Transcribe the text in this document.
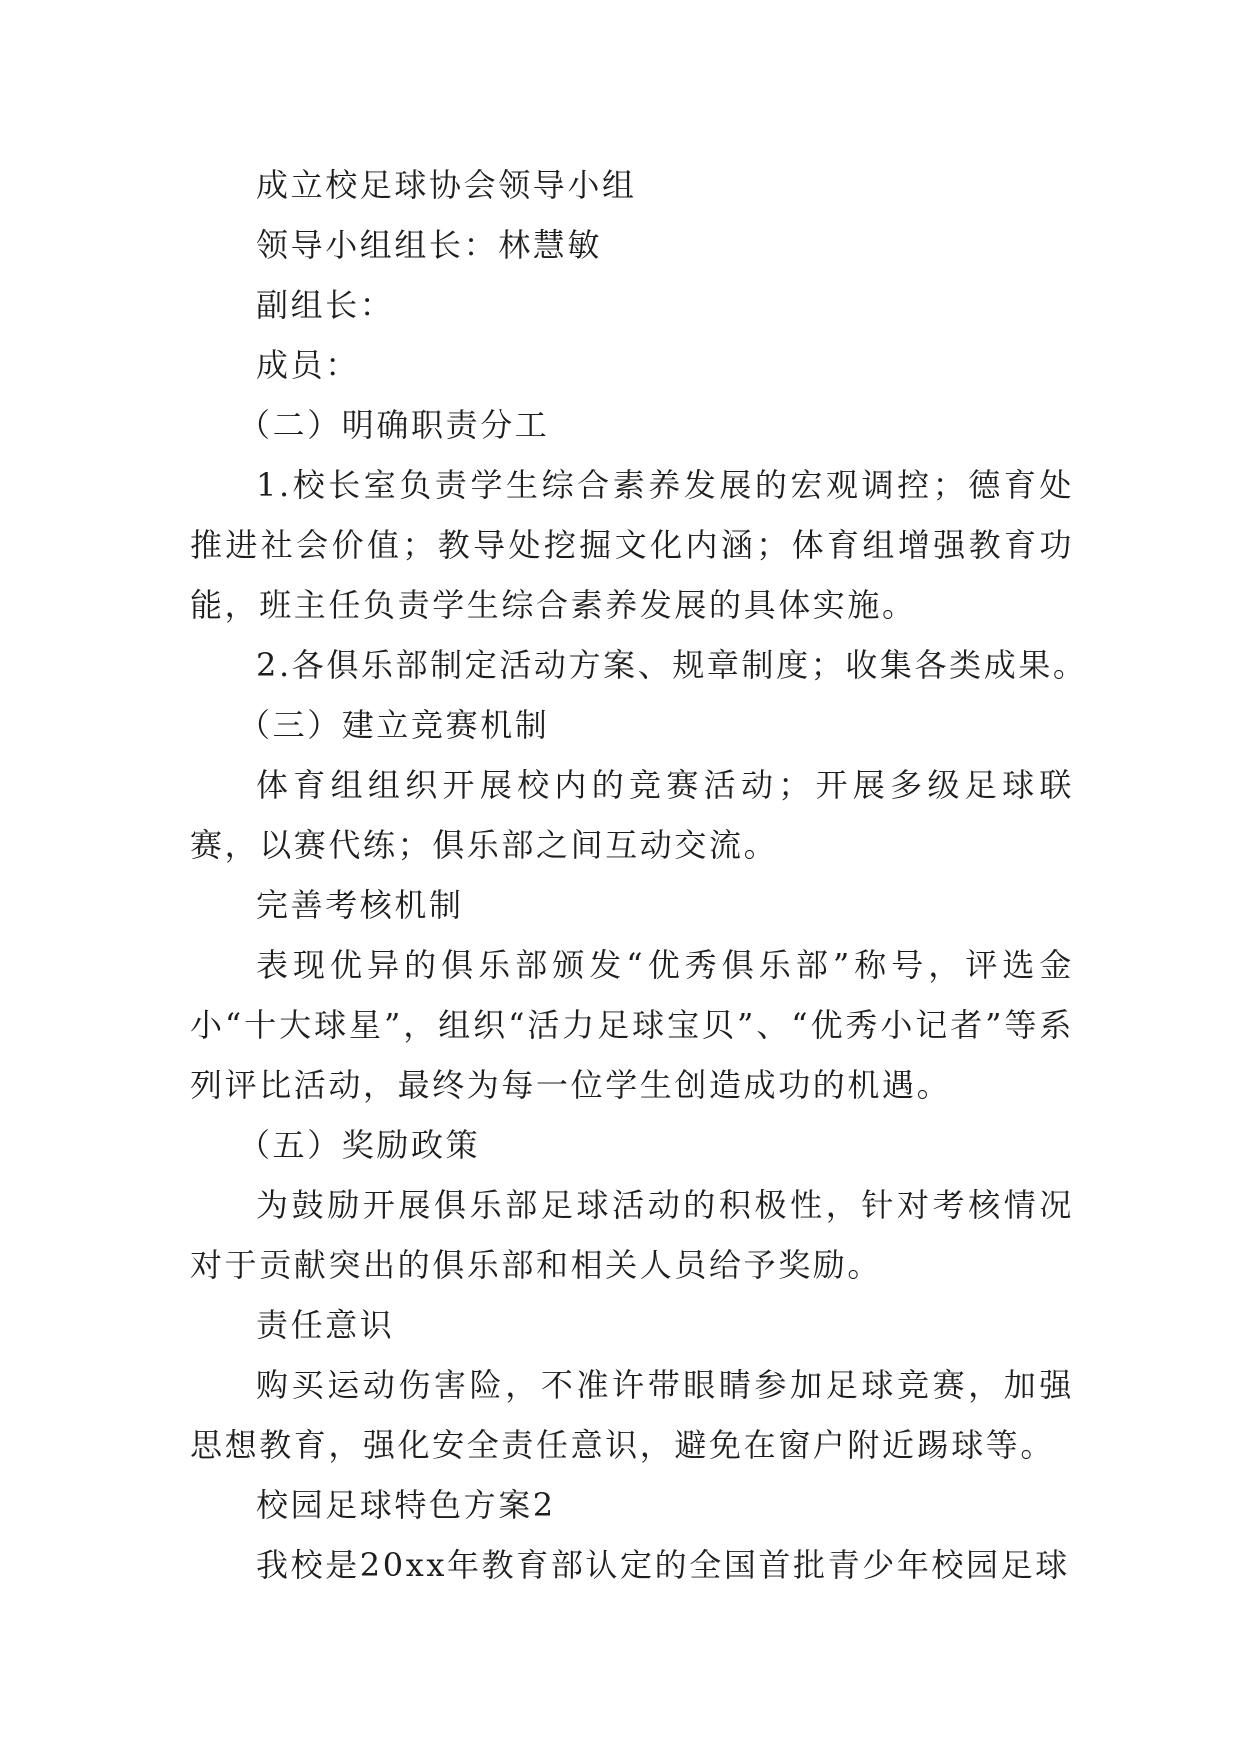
成立校足球协会领导小组
领导小组组长：林慧敏
副组长：
成员：
（二）明确职责分工

1.校长室负责学生综合素养发展的宏观调控；德育处推进社会价值；教导处挖掘文化内涵；体育组增强教育功能，班主任负责学生综合素养发展的具体实施。

2.各俱乐部制定活动方案、规章制度；收集各类成果。
（三）建立竞赛机制

体育组组织开展校内的竞赛活动；开展多级足球联赛，以赛代练；俱乐部之间互动交流。

完善考核机制

表现优异的俱乐部颁发“优秀俱乐部”称号，评选金小“十大球星”，组织“活力足球宝贝”、“优秀小记者”等系列评比活动，最终为每一位学生创造成功的机遇。

（五）奖励政策

为鼓励开展俱乐部足球活动的积极性，针对考核情况对于贡献突出的俱乐部和相关人员给予奖励。

责任意识

购买运动伤害险，不准许带眼睛参加足球竞赛，加强思想教育，强化安全责任意识，避免在窗户附近踢球等。

校园足球特色方案2
我校是20xx年教育部认定的全国首批青少年校园足球
